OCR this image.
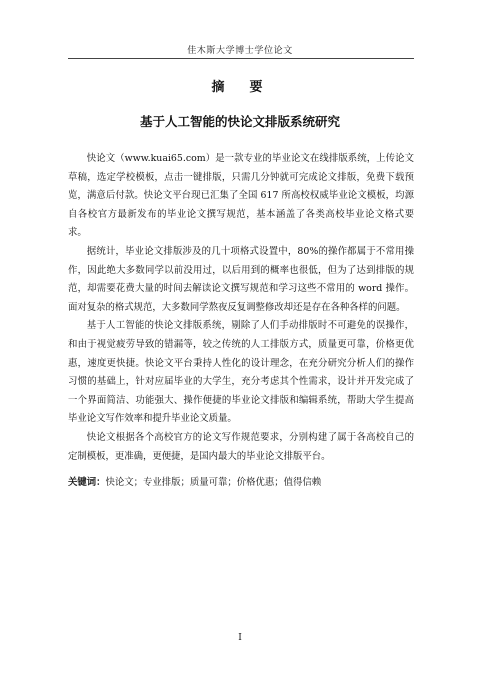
佳木斯大学博士学位论文
摘　要
基于人工智能的快论文排版系统研究

快论文（www.kuai65.com）是一款专业的毕业论文在线排版系统，上传论文草稿，选定学校模板，点击一键排版，只需几分钟就可完成论文排版，免费下载预览，满意后付款。快论文平台现已汇集了全国 617 所高校权威毕业论文模板，均源自各校官方最新发布的毕业论文撰写规范，基本涵盖了各类高校毕业论文格式要求。

据统计，毕业论文排版涉及的几十项格式设置中，80%的操作都属于不常用操作，因此绝大多数同学以前没用过，以后用到的概率也很低，但为了达到排版的规范，却需要花费大量的时间去解读论文撰写规范和学习这些不常用的 word 操作。面对复杂的格式规范，大多数同学熬夜反复调整修改却还是存在各种各样的问题。

基于人工智能的快论文排版系统，剔除了人们手动排版时不可避免的误操作，和由于视觉疲劳导致的错漏等，较之传统的人工排版方式，质量更可靠，价格更优惠，速度更快捷。快论文平台秉持人性化的设计理念，在充分研究分析人们的操作习惯的基础上，针对应届毕业的大学生，充分考虑其个性需求，设计并开发完成了一个界面简洁、功能强大、操作便捷的毕业论文排版和编辑系统，帮助大学生提高毕业论文写作效率和提升毕业论文质量。

快论文根据各个高校官方的论文写作规范要求，分别构建了属于各高校自己的定制模板，更准确，更便捷，是国内最大的毕业论文排版平台。

关键词：快论文；专业排版；质量可靠；价格优惠；值得信赖

I
